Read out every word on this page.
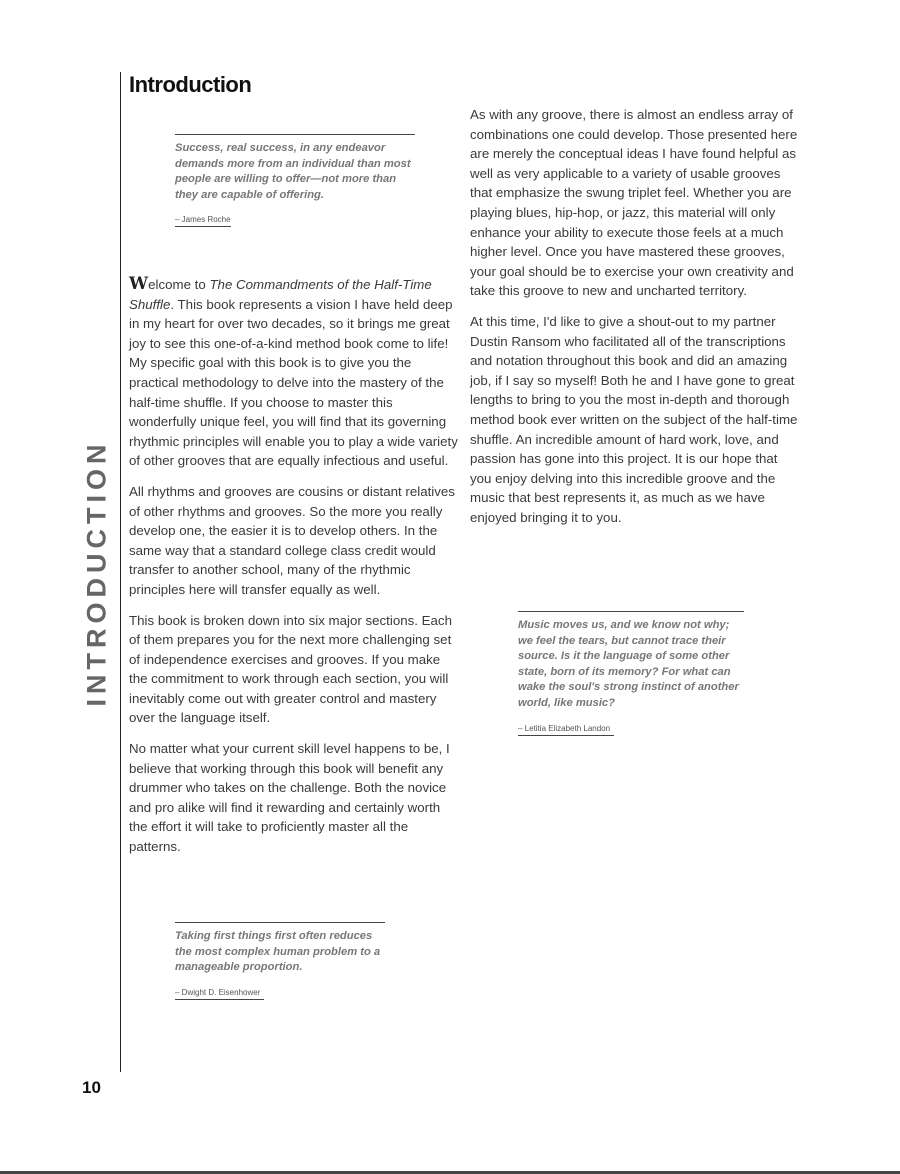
INTRODUCTION
Introduction

Success, real success, in any endeavor demands more from an individual than most people are willing to offer—not more than they are capable of offering.

– James Roche

Welcome to The Commandments of the Half-Time Shuffle. This book represents a vision I have held deep in my heart for over two decades, so it brings me great joy to see this one-of-a-kind method book come to life! My specific goal with this book is to give you the practical methodology to delve into the mastery of the half-time shuffle. If you choose to master this wonderfully unique feel, you will find that its governing rhythmic principles will enable you to play a wide variety of other grooves that are equally infectious and useful.

All rhythms and grooves are cousins or distant relatives of other rhythms and grooves. So the more you really develop one, the easier it is to develop others. In the same way that a standard college class credit would transfer to another school, many of the rhythmic principles here will transfer equally as well.

This book is broken down into six major sections. Each of them prepares you for the next more challenging set of independence exercises and grooves. If you make the commitment to work through each section, you will inevitably come out with greater control and mastery over the language itself.

No matter what your current skill level happens to be, I believe that working through this book will benefit any drummer who takes on the challenge. Both the novice and pro alike will find it rewarding and certainly worth the effort it will take to proficiently master all the patterns.

Taking first things first often reduces the most complex human problem to a manageable proportion.

– Dwight D. Eisenhower

As with any groove, there is almost an endless array of combinations one could develop. Those presented here are merely the conceptual ideas I have found helpful as well as very applicable to a variety of usable grooves that emphasize the swung triplet feel. Whether you are playing blues, hip-hop, or jazz, this material will only enhance your ability to execute those feels at a much higher level. Once you have mastered these grooves, your goal should be to exercise your own creativity and take this groove to new and uncharted territory.

At this time, I'd like to give a shout-out to my partner Dustin Ransom who facilitated all of the transcriptions and notation throughout this book and did an amazing job, if I say so myself! Both he and I have gone to great lengths to bring to you the most in-depth and thorough method book ever written on the subject of the half-time shuffle. An incredible amount of hard work, love, and passion has gone into this project. It is our hope that you enjoy delving into this incredible groove and the music that best represents it, as much as we have enjoyed bringing it to you.

Music moves us, and we know not why; we feel the tears, but cannot trace their source. Is it the language of some other state, born of its memory? For what can wake the soul's strong instinct of another world, like music?

– Letitia Elizabeth Landon
10
